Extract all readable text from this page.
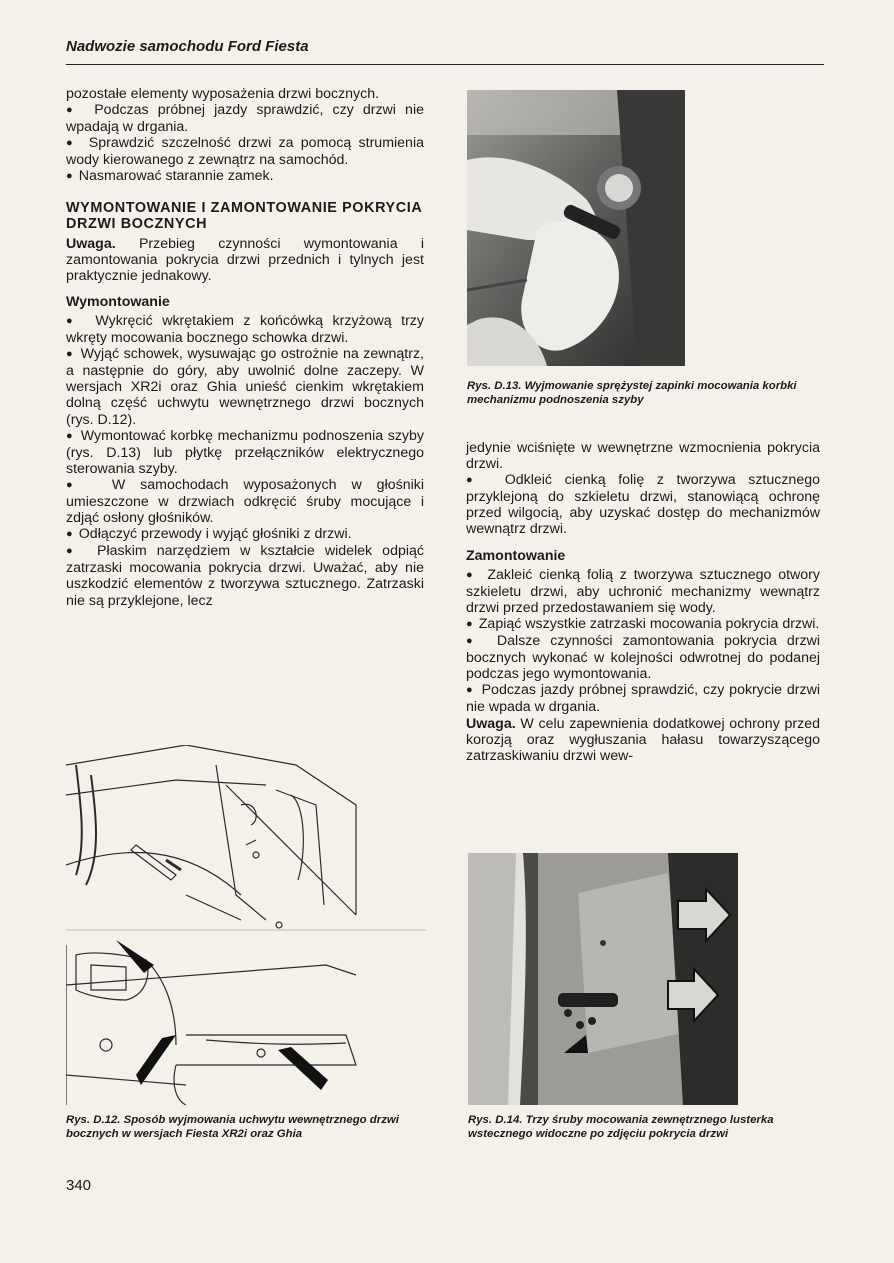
Nadwozie samochodu Ford Fiesta

pozostałe elementy wyposażenia drzwi bocznych.

●  Podczas próbnej jazdy sprawdzić, czy drzwi nie wpadają w drgania.

●  Sprawdzić szczelność drzwi za pomocą strumienia wody kierowanego z zewnątrz na samochód.

●  Nasmarować starannie zamek.

WYMONTOWANIE I ZAMONTOWANIE POKRYCIA DRZWI BOCZNYCH

Uwaga. Przebieg czynności wymontowania i zamontowania pokrycia drzwi przednich i tylnych jest praktycznie jednakowy.

Wymontowanie

●  Wykręcić wkrętakiem z końcówką krzyżową trzy wkręty mocowania bocznego schowka drzwi.

●  Wyjąć schowek, wysuwając go ostrożnie na zewnątrz, a następnie do góry, aby uwolnić dolne zaczepy. W wersjach XR2i oraz Ghia unieść cienkim wkrętakiem dolną część uchwytu wewnętrznego drzwi bocznych (rys. D.12).

●  Wymontować korbkę mechanizmu podnoszenia szyby (rys. D.13) lub płytkę przełączników elektrycznego sterowania szyby.

●  W samochodach wyposażonych w głośniki umieszczone w drzwiach odkręcić śruby mocujące i zdjąć osłony głośników.

●  Odłączyć przewody i wyjąć głośniki z drzwi.

●  Płaskim narzędziem w kształcie widelek odpiąć zatrzaski mocowania pokrycia drzwi. Uważać, aby nie uszkodzić elementów z tworzywa sztucznego. Zatrzaski nie są przyklejone, lecz

Rys. D.13. Wyjmowanie sprężystej zapinki mocowania korbki mechanizmu podnoszenia szyby

jedynie wciśnięte w wewnętrzne wzmocnienia pokrycia drzwi.

●  Odkleić cienką folię z tworzywa sztucznego przyklejoną do szkieletu drzwi, stanowiącą ochronę przed wilgocią, aby uzyskać dostęp do mechanizmów wewnątrz drzwi.

Zamontowanie

●  Zakleić cienką folią z tworzywa sztucznego otwory szkieletu drzwi, aby uchronić mechanizmy wewnątrz drzwi przed przedostawaniem się wody.

●  Zapiąć wszystkie zatrzaski mocowania pokrycia drzwi.

●  Dalsze czynności zamontowania pokrycia drzwi bocznych wykonać w kolejności odwrotnej do podanej podczas jego wymontowania.

●  Podczas jazdy próbnej sprawdzić, czy pokrycie drzwi nie wpada w drgania.

Uwaga. W celu zapewnienia dodatkowej ochrony przed korozją oraz wygłuszania hałasu towarzyszącego zatrzaskiwaniu drzwi wew-

Rys. D.12. Sposób wyjmowania uchwytu wewnętrznego drzwi bocznych w wersjach Fiesta XR2i oraz Ghia
Rys. D.14. Trzy śruby mocowania zewnętrznego lusterka wstecznego widoczne po zdjęciu pokrycia drzwi
340
